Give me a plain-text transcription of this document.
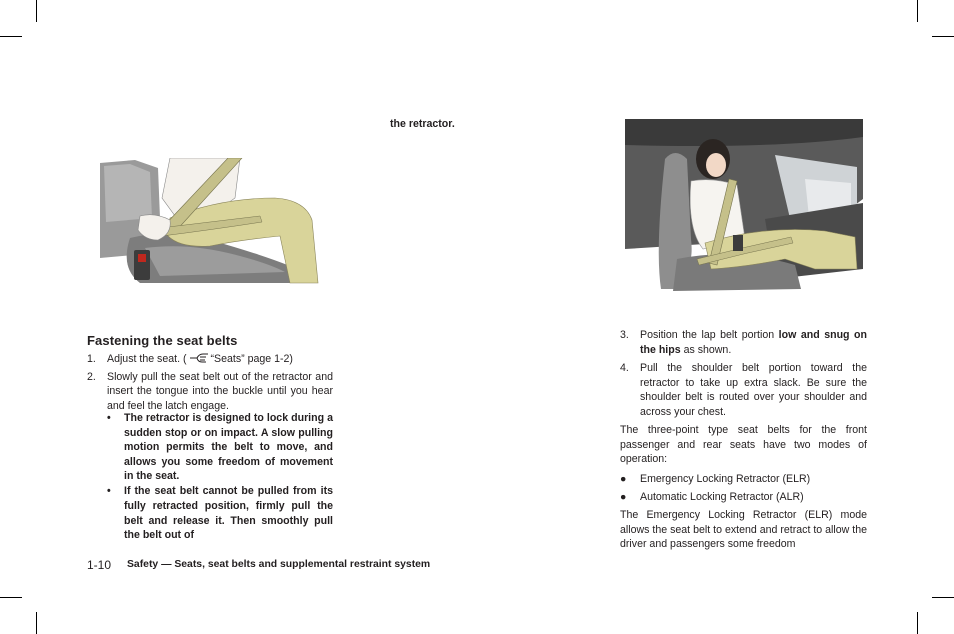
the retractor.
Fastening the seat belts
1. Adjust the seat. ( “Seats” page 1-2)
2. Slowly pull the seat belt out of the retractor and insert the tongue into the buckle until you hear and feel the latch engage.
• The retractor is designed to lock during a sudden stop or on impact. A slow pulling motion permits the belt to move, and allows you some freedom of movement in the seat.
• If the seat belt cannot be pulled from its fully retracted position, firmly pull the belt and release it. Then smoothly pull the belt out of
3. Position the lap belt portion low and snug on the hips as shown.
4. Pull the shoulder belt portion toward the retractor to take up extra slack. Be sure the shoulder belt is routed over your shoulder and across your chest.
The three-point type seat belts for the front passenger and rear seats have two modes of operation:
● Emergency Locking Retractor (ELR)
● Automatic Locking Retractor (ALR)
The Emergency Locking Retractor (ELR) mode allows the seat belt to extend and retract to allow the driver and passengers some freedom
1-10 Safety — Seats, seat belts and supplemental restraint system
